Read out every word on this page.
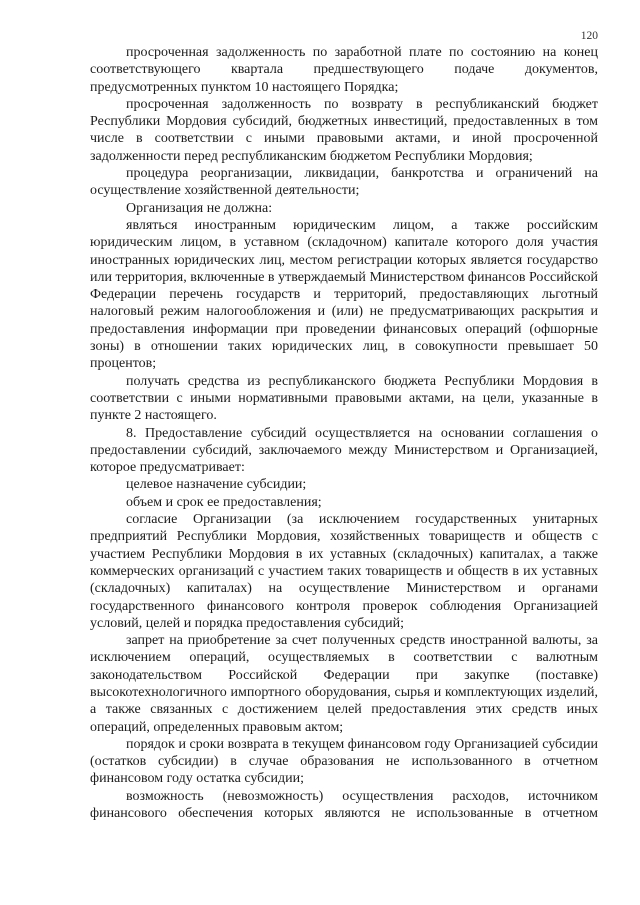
120

просроченная задолженность по заработной плате по состоянию на конец соответствующего квартала предшествующего подаче документов, предусмотренных пунктом 10 настоящего Порядка;

просроченная задолженность по возврату в республиканский бюджет Республики Мордовия субсидий, бюджетных инвестиций, предоставленных в том числе в соответствии с иными правовыми актами, и иной просроченной задолженности перед республиканским бюджетом Республики Мордовия;

процедура реорганизации, ликвидации, банкротства и ограничений на осуществление хозяйственной деятельности;

Организация не должна:

являться иностранным юридическим лицом, а также российским юридическим лицом, в уставном (складочном) капитале которого доля участия иностранных юридических лиц, местом регистрации которых является государство или территория, включенные в утверждаемый Министерством финансов Российской Федерации перечень государств и территорий, предоставляющих льготный налоговый режим налогообложения и (или) не предусматривающих раскрытия и предоставления информации при проведении финансовых операций (офшорные зоны) в отношении таких юридических лиц, в совокупности превышает 50 процентов;

получать средства из республиканского бюджета Республики Мордовия в соответствии с иными нормативными правовыми актами, на цели, указанные в пункте 2 настоящего.

8. Предоставление субсидий осуществляется на основании соглашения о предоставлении субсидий, заключаемого между Министерством и Организацией, которое предусматривает:

целевое назначение субсидии;

объем и срок ее предоставления;

согласие Организации (за исключением государственных унитарных предприятий Республики Мордовия, хозяйственных товариществ и обществ с участием Республики Мордовия в их уставных (складочных) капиталах, а также коммерческих организаций с участием таких товариществ и обществ в их уставных (складочных) капиталах) на осуществление Министерством и органами государственного финансового контроля проверок соблюдения Организацией условий, целей и порядка предоставления субсидий;

запрет на приобретение за счет полученных средств иностранной валюты, за исключением операций, осуществляемых в соответствии с валютным законодательством Российской Федерации при закупке (поставке) высокотехнологичного импортного оборудования, сырья и комплектующих изделий, а также связанных с достижением целей предоставления этих средств иных операций, определенных правовым актом;

порядок и сроки возврата в текущем финансовом году Организацией субсидии (остатков субсидии) в случае образования не использованного в отчетном финансовом году остатка субсидии;

возможность (невозможность) осуществления расходов, источником финансового обеспечения которых являются не использованные в отчетном
